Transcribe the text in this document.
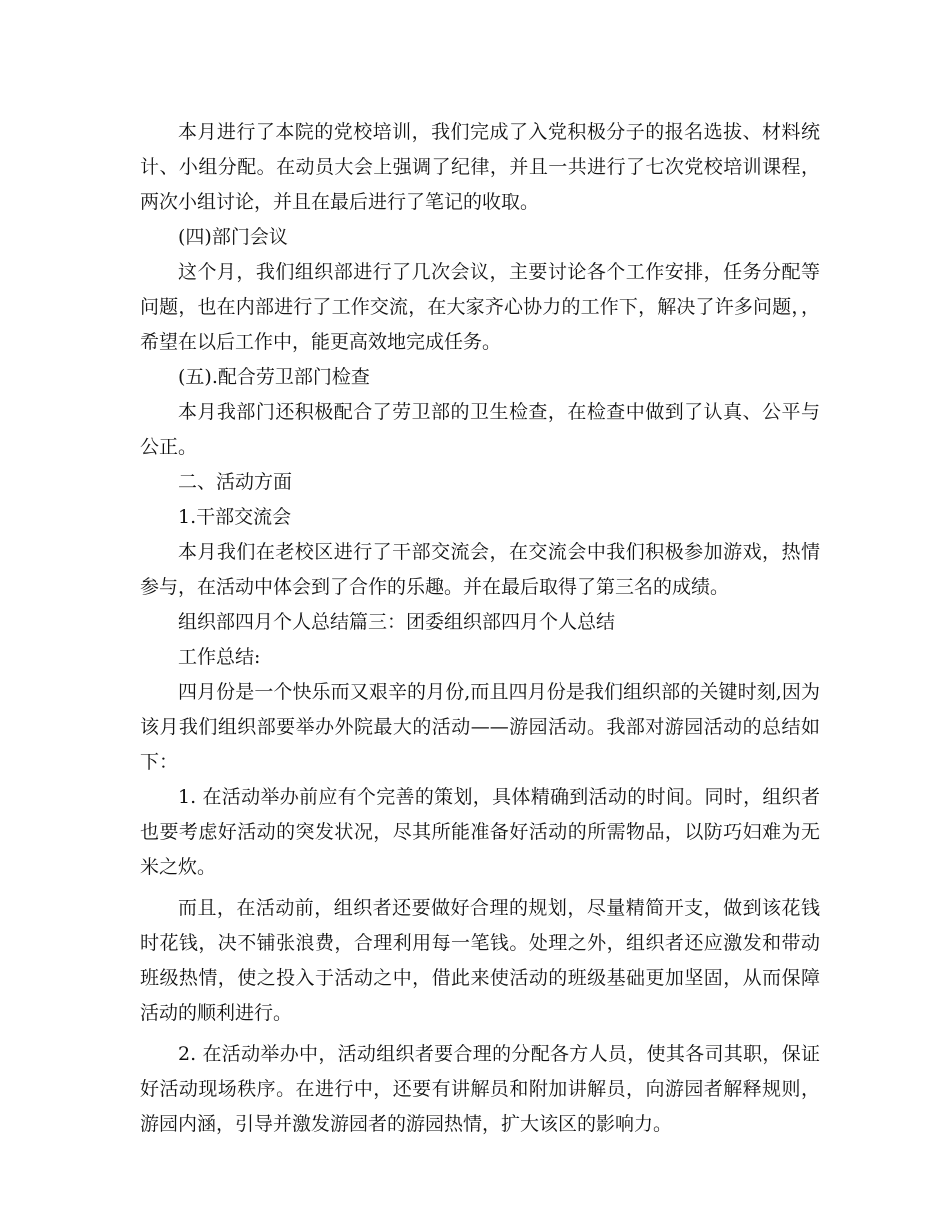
本月进行了本院的党校培训，我们完成了入党积极分子的报名选拔、材料统计、小组分配。在动员大会上强调了纪律，并且一共进行了七次党校培训课程，两次小组讨论，并且在最后进行了笔记的收取。

(四)部门会议

这个月，我们组织部进行了几次会议，主要讨论各个工作安排，任务分配等问题，也在内部进行了工作交流，在大家齐心协力的工作下，解决了许多问题，，希望在以后工作中，能更高效地完成任务。

(五).配合劳卫部门检查

本月我部门还积极配合了劳卫部的卫生检查，在检查中做到了认真、公平与公正。

二、活动方面

1.干部交流会

本月我们在老校区进行了干部交流会，在交流会中我们积极参加游戏，热情参与，在活动中体会到了合作的乐趣。并在最后取得了第三名的成绩。

组织部四月个人总结篇三：团委组织部四月个人总结

工作总结:

四月份是一个快乐而又艰辛的月份,而且四月份是我们组织部的关键时刻,因为该月我们组织部要举办外院最大的活动——游园活动。我部对游园活动的总结如下：

1. 在活动举办前应有个完善的策划，具体精确到活动的时间。同时，组织者也要考虑好活动的突发状况，尽其所能准备好活动的所需物品，以防巧妇难为无米之炊。

而且，在活动前，组织者还要做好合理的规划，尽量精简开支，做到该花钱时花钱，决不铺张浪费，合理利用每一笔钱。处理之外，组织者还应激发和带动班级热情，使之投入于活动之中，借此来使活动的班级基础更加坚固，从而保障活动的顺利进行。

2. 在活动举办中，活动组织者要合理的分配各方人员，使其各司其职，保证好活动现场秩序。在进行中，还要有讲解员和附加讲解员，向游园者解释规则，游园内涵，引导并激发游园者的游园热情，扩大该区的影响力。
